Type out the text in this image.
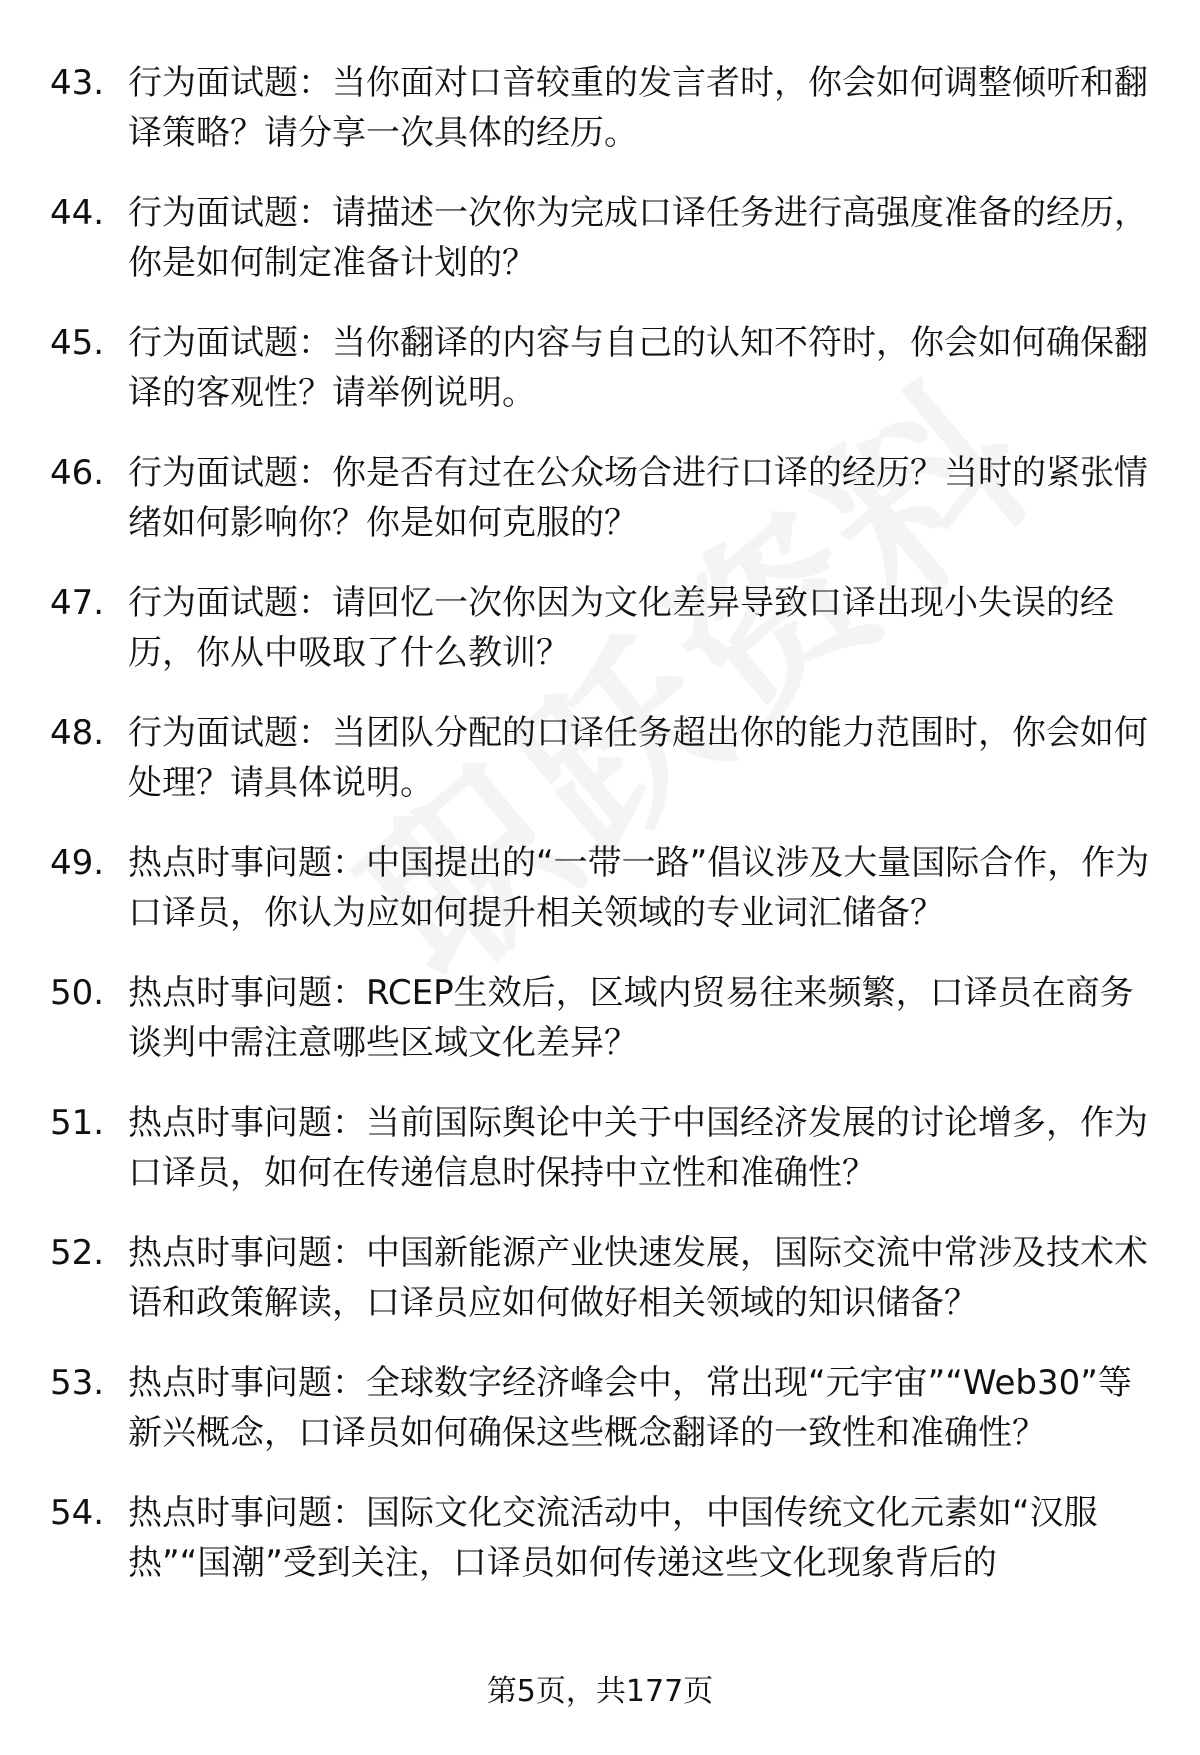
43. 行为面试题：当你面对口音较重的发言者时，你会如何调整倾听和翻译策略？请分享一次具体的经历。

44. 行为面试题：请描述一次你为完成口译任务进行高强度准备的经历，你是如何制定准备计划的？

45. 行为面试题：当你翻译的内容与自己的认知不符时，你会如何确保翻译的客观性？请举例说明。

46. 行为面试题：你是否有过在公众场合进行口译的经历？当时的紧张情绪如何影响你？你是如何克服的？

47. 行为面试题：请回忆一次你因为文化差异导致口译出现小失误的经历，你从中吸取了什么教训？

48. 行为面试题：当团队分配的口译任务超出你的能力范围时，你会如何处理？请具体说明。

49. 热点时事问题：中国提出的“一带一路”倡议涉及大量国际合作，作为口译员，你认为应如何提升相关领域的专业词汇储备？

50. 热点时事问题：RCEP生效后，区域内贸易往来频繁，口译员在商务谈判中需注意哪些区域文化差异？

51. 热点时事问题：当前国际舆论中关于中国经济发展的讨论增多，作为口译员，如何在传递信息时保持中立性和准确性？

52. 热点时事问题：中国新能源产业快速发展，国际交流中常涉及技术术语和政策解读，口译员应如何做好相关领域的知识储备？

53. 热点时事问题：全球数字经济峰会中，常出现“元宇宙”“Web30”等新兴概念，口译员如何确保这些概念翻译的一致性和准确性？

54. 热点时事问题：国际文化交流活动中，中国传统文化元素如“汉服热”“国潮”受到关注，口译员如何传递这些文化现象背后的

第5页，共177页
